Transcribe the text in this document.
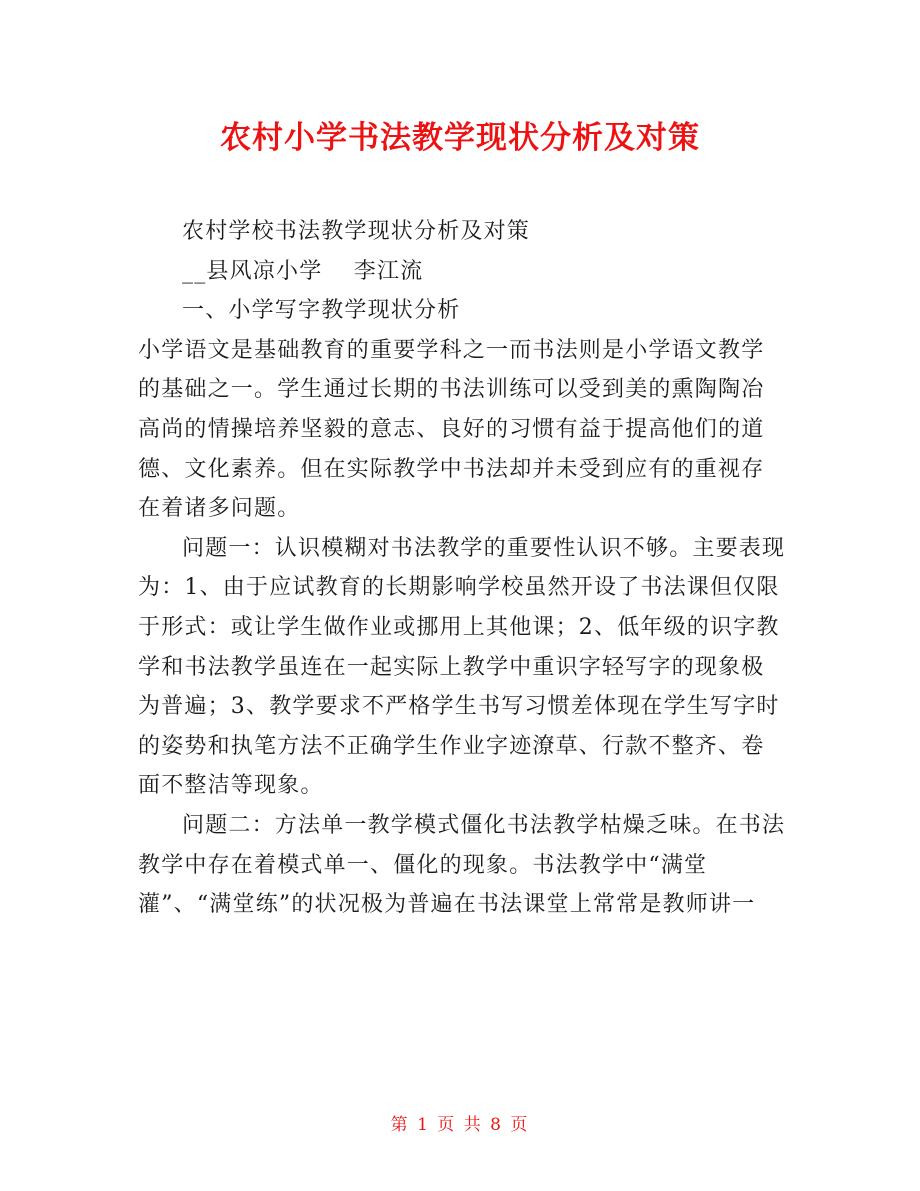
农村小学书法教学现状分析及对策

农村学校书法教学现状分析及对策

__县风凉小学　 李江流

一、小学写字教学现状分析

小学语文是基础教育的重要学科之一而书法则是小学语文教学的基础之一。学生通过长期的书法训练可以受到美的熏陶陶冶高尚的情操培养坚毅的意志、良好的习惯有益于提高他们的道德、文化素养。但在实际教学中书法却并未受到应有的重视存在着诸多问题。

问题一：认识模糊对书法教学的重要性认识不够。主要表现为：1、由于应试教育的长期影响学校虽然开设了书法课但仅限于形式：或让学生做作业或挪用上其他课；2、低年级的识字教学和书法教学虽连在一起实际上教学中重识字轻写字的现象极为普遍；3、教学要求不严格学生书写习惯差体现在学生写字时的姿势和执笔方法不正确学生作业字迹潦草、行款不整齐、卷面不整洁等现象。

问题二：方法单一教学模式僵化书法教学枯燥乏味。在书法教学中存在着模式单一、僵化的现象。书法教学中“满堂灌”、“满堂练”的状况极为普遍在书法课堂上常常是教师讲一

第 1 页 共 8 页
